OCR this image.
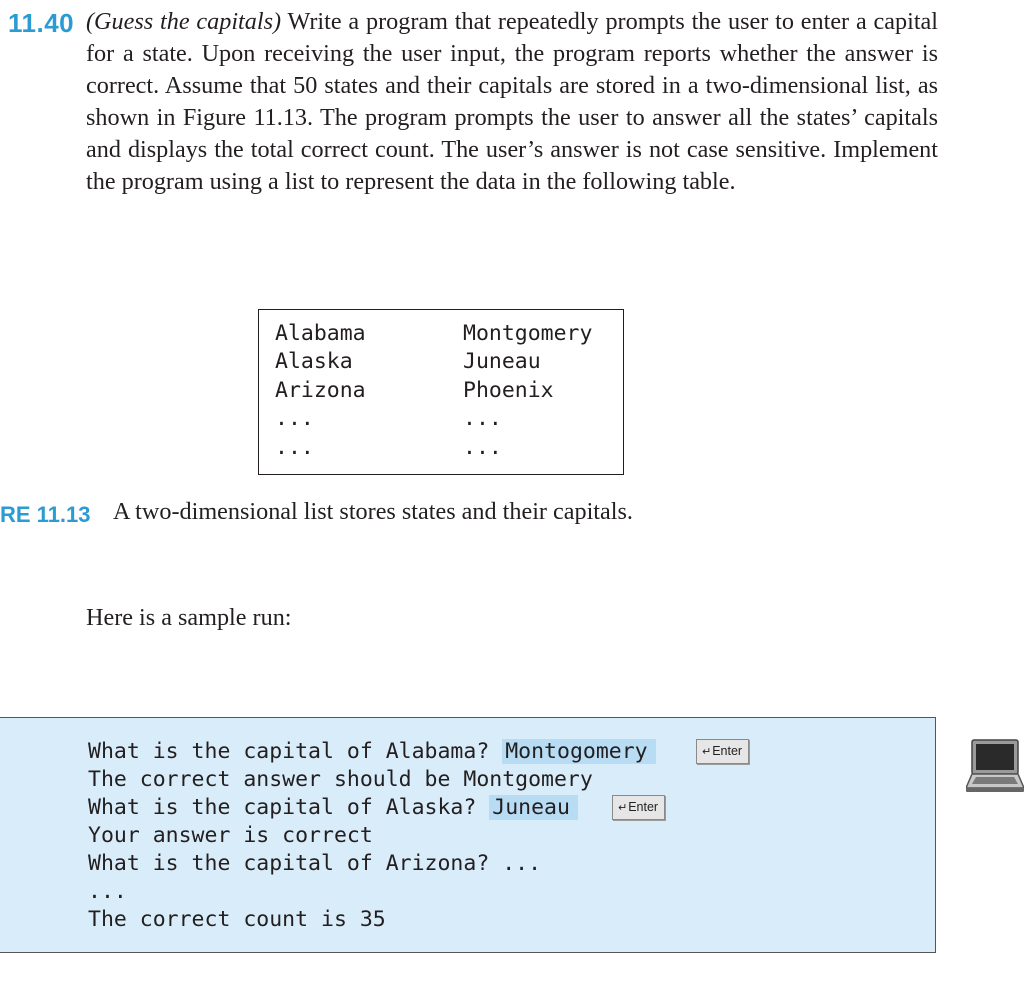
11.40 (Guess the capitals) Write a program that repeatedly prompts the user to enter a capital for a state. Upon receiving the user input, the program reports whether the answer is correct. Assume that 50 states and their capitals are stored in a two-dimensional list, as shown in Figure 11.13. The program prompts the user to answer all the states’ capitals and displays the total correct count. The user’s answer is not case sensitive. Implement the program using a list to represent the data in the following table.

Alabama	Montgomery
Alaska	Juneau
Arizona	Phoenix
...	...
...	...
RE 11.13 A two-dimensional list stores states and their capitals.
Here is a sample run:
What is the capital of Alabama? Montogomery	↵Enter
The correct answer should be Montgomery
What is the capital of Alaska? Juneau	↵Enter
Your answer is correct
What is the capital of Arizona? ...
...
The correct count is 35
